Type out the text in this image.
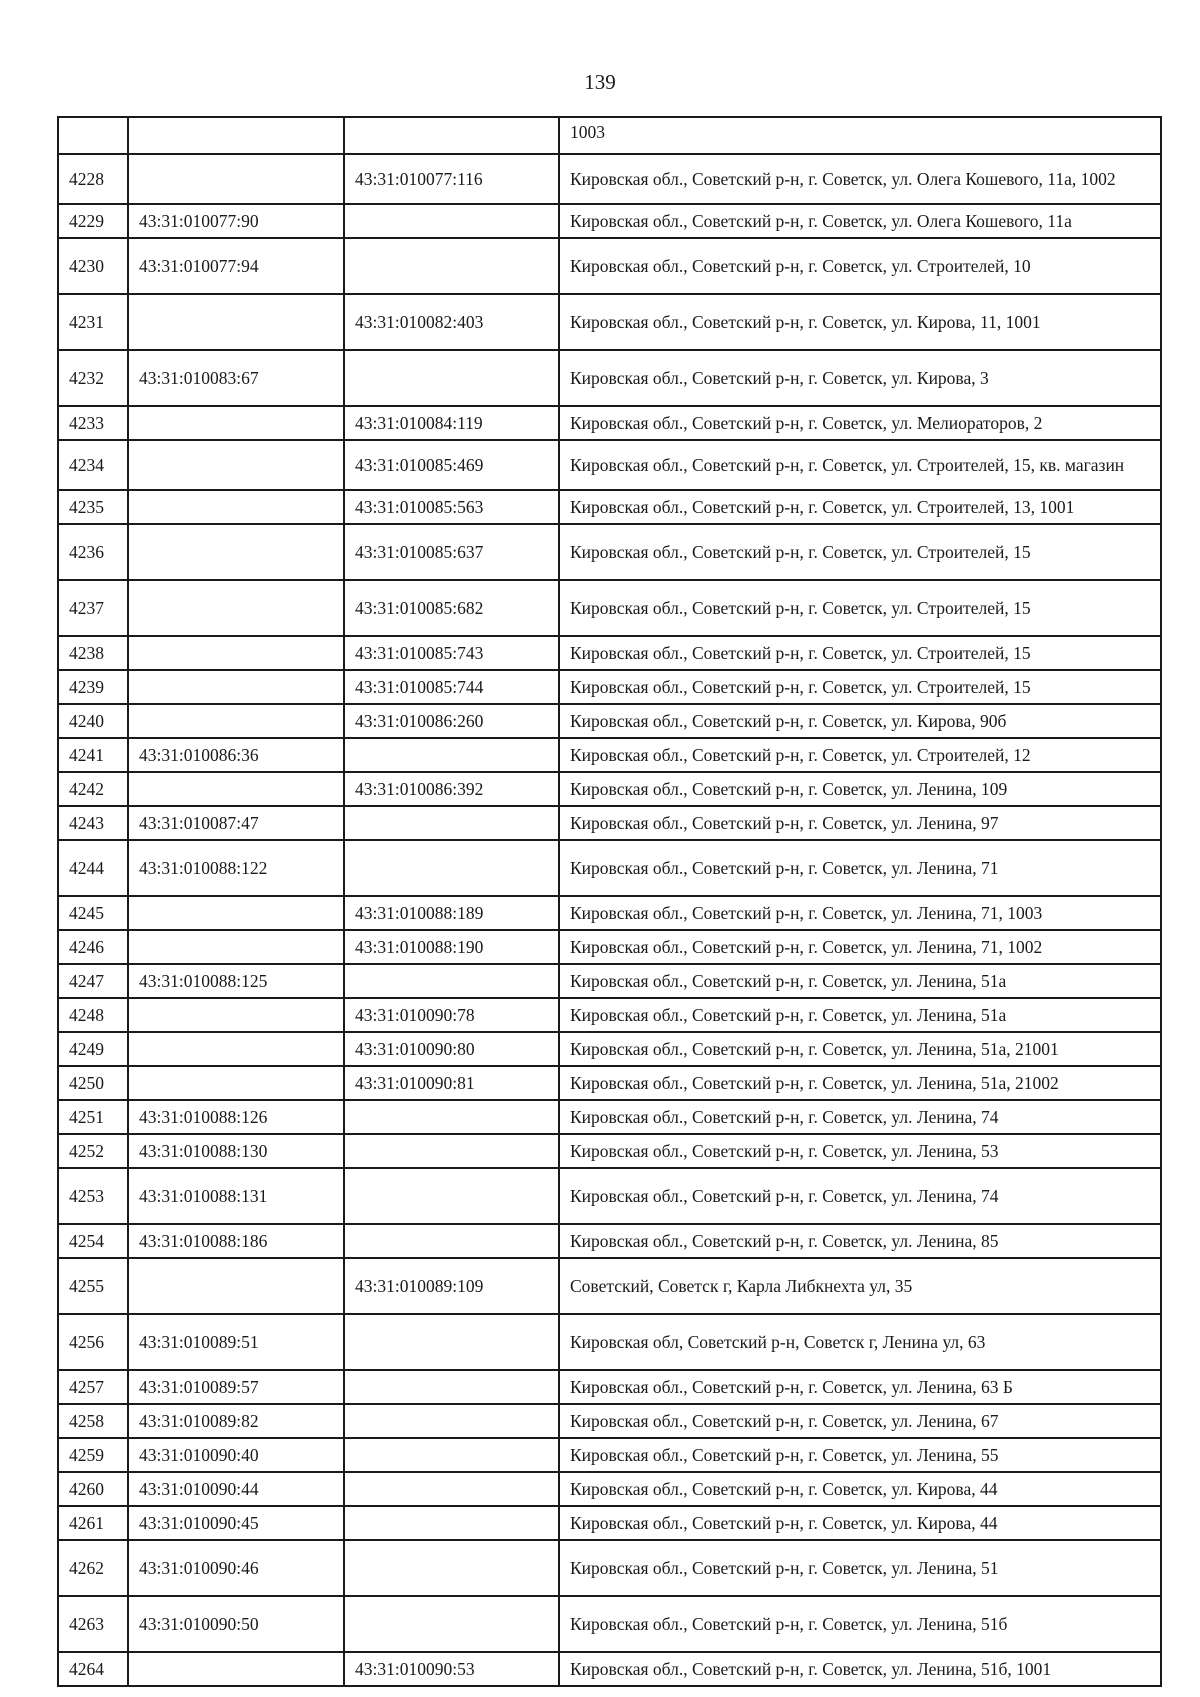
139
			1003
4228		43:31:010077:116	Кировская обл., Советский р-н, г. Советск, ул. Олега Кошевого, 11а, 1002
4229	43:31:010077:90		Кировская обл., Советский р-н, г. Советск, ул. Олега Кошевого, 11а
4230	43:31:010077:94		Кировская обл., Советский р-н, г. Советск, ул. Строителей, 10
4231		43:31:010082:403	Кировская обл., Советский р-н, г. Советск, ул. Кирова, 11, 1001
4232	43:31:010083:67		Кировская обл., Советский р-н, г. Советск, ул. Кирова, 3
4233		43:31:010084:119	Кировская обл., Советский р-н, г. Советск, ул. Мелиораторов, 2
4234		43:31:010085:469	Кировская обл., Советский р-н, г. Советск, ул. Строителей, 15, кв. магазин
4235		43:31:010085:563	Кировская обл., Советский р-н, г. Советск, ул. Строителей, 13, 1001
4236		43:31:010085:637	Кировская обл., Советский р-н, г. Советск, ул. Строителей, 15
4237		43:31:010085:682	Кировская обл., Советский р-н, г. Советск, ул. Строителей, 15
4238		43:31:010085:743	Кировская обл., Советский р-н, г. Советск, ул. Строителей, 15
4239		43:31:010085:744	Кировская обл., Советский р-н, г. Советск, ул. Строителей, 15
4240		43:31:010086:260	Кировская обл., Советский р-н, г. Советск, ул. Кирова, 90б
4241	43:31:010086:36		Кировская обл., Советский р-н, г. Советск, ул. Строителей, 12
4242		43:31:010086:392	Кировская обл., Советский р-н, г. Советск, ул. Ленина, 109
4243	43:31:010087:47		Кировская обл., Советский р-н, г. Советск, ул. Ленина, 97
4244	43:31:010088:122		Кировская обл., Советский р-н, г. Советск, ул. Ленина, 71
4245		43:31:010088:189	Кировская обл., Советский р-н, г. Советск, ул. Ленина, 71, 1003
4246		43:31:010088:190	Кировская обл., Советский р-н, г. Советск, ул. Ленина, 71, 1002
4247	43:31:010088:125		Кировская обл., Советский р-н, г. Советск, ул. Ленина, 51а
4248		43:31:010090:78	Кировская обл., Советский р-н, г. Советск, ул. Ленина, 51а
4249		43:31:010090:80	Кировская обл., Советский р-н, г. Советск, ул. Ленина, 51а, 21001
4250		43:31:010090:81	Кировская обл., Советский р-н, г. Советск, ул. Ленина, 51а, 21002
4251	43:31:010088:126		Кировская обл., Советский р-н, г. Советск, ул. Ленина, 74
4252	43:31:010088:130		Кировская обл., Советский р-н, г. Советск, ул. Ленина, 53
4253	43:31:010088:131		Кировская обл., Советский р-н, г. Советск, ул. Ленина, 74
4254	43:31:010088:186		Кировская обл., Советский р-н, г. Советск, ул. Ленина, 85
4255		43:31:010089:109	Советский, Советск г, Карла Либкнехта ул, 35
4256	43:31:010089:51		Кировская обл, Советский р-н, Советск г, Ленина ул, 63
4257	43:31:010089:57		Кировская обл., Советский р-н, г. Советск, ул. Ленина, 63 Б
4258	43:31:010089:82		Кировская обл., Советский р-н, г. Советск, ул. Ленина, 67
4259	43:31:010090:40		Кировская обл., Советский р-н, г. Советск, ул. Ленина, 55
4260	43:31:010090:44		Кировская обл., Советский р-н, г. Советск, ул. Кирова, 44
4261	43:31:010090:45		Кировская обл., Советский р-н, г. Советск, ул. Кирова, 44
4262	43:31:010090:46		Кировская обл., Советский р-н, г. Советск, ул. Ленина, 51
4263	43:31:010090:50		Кировская обл., Советский р-н, г. Советск, ул. Ленина, 51б
4264		43:31:010090:53	Кировская обл., Советский р-н, г. Советск, ул. Ленина, 51б, 1001
